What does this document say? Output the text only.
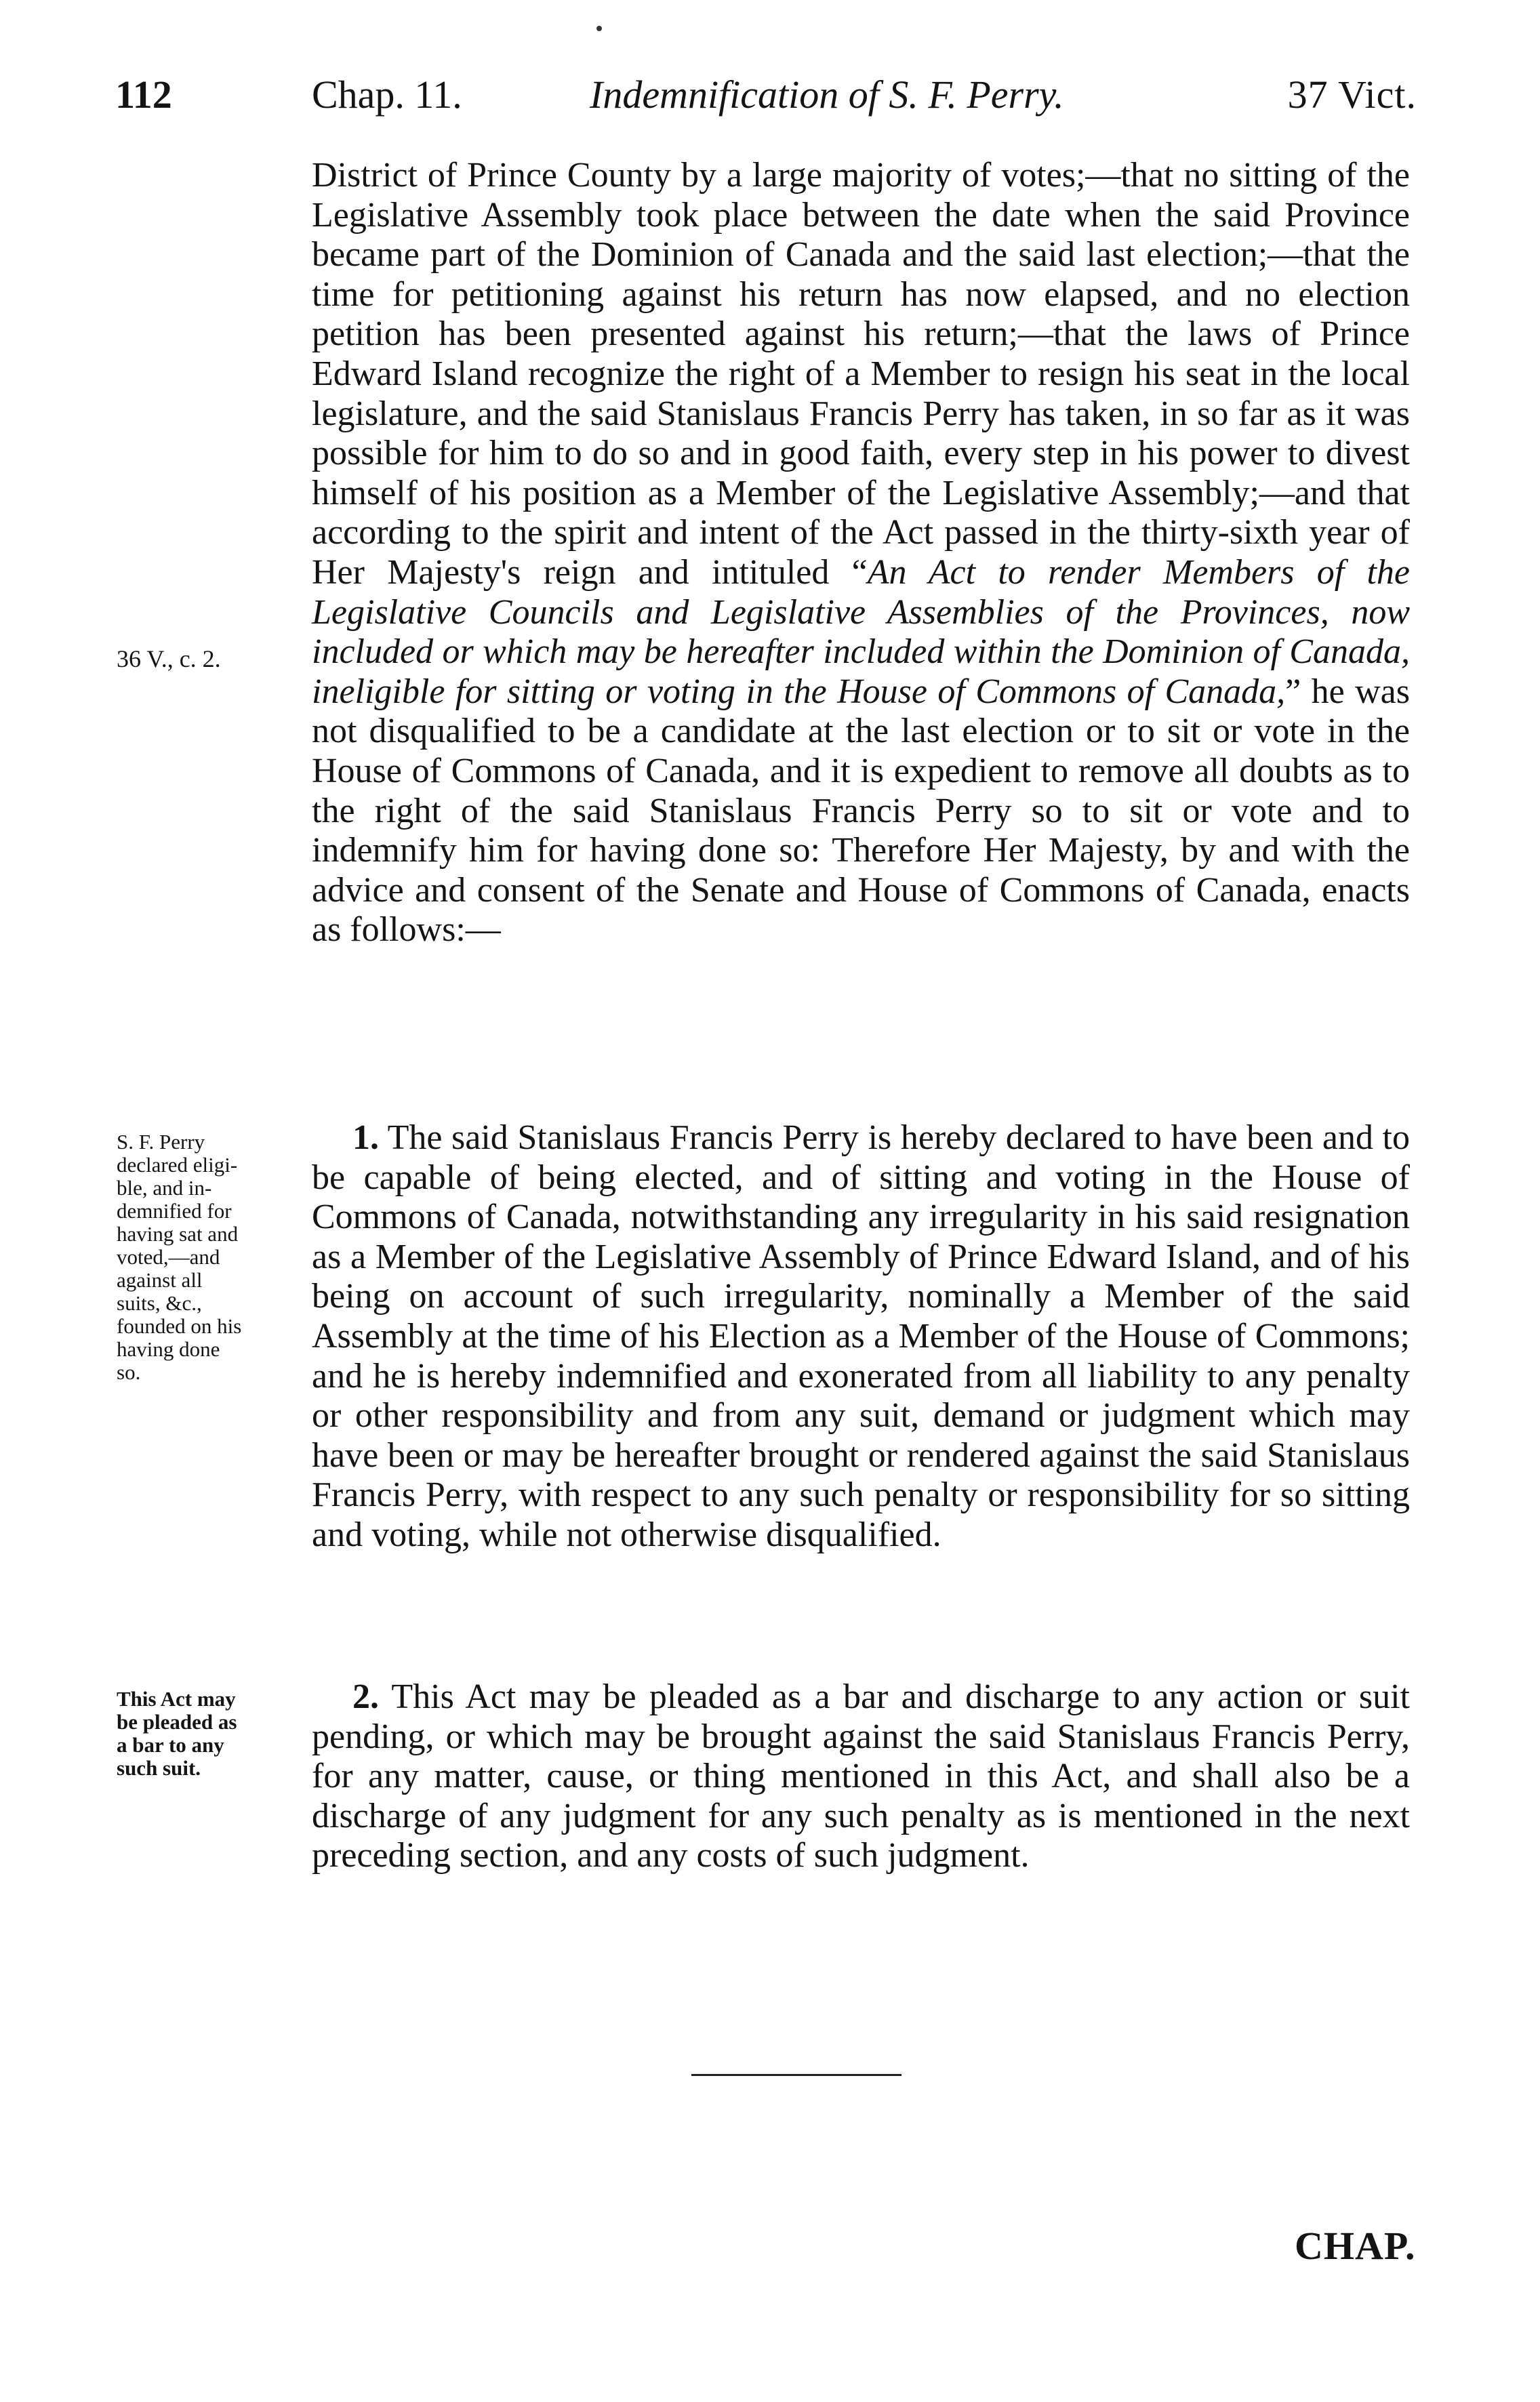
112	Chap. 11.	Indemnification of S. F. Perry.	37 Vict.

District of Prince County by a large majority of votes;—that no sitting of the Legislative Assembly took place between the date when the said Province became part of the Dominion of Canada and the said last election;—that the time for petitioning against his return has now elapsed, and no election petition has been presented against his return;—that the laws of Prince Edward Island recognize the right of a Member to resign his seat in the local legislature, and the said Stanislaus Francis Perry has taken, in so far as it was possible for him to do so and in good faith, every step in his power to divest himself of his position as a Member of the Legislative Assembly;—and that according to the spirit and intent of the Act passed in the thirty-sixth year of Her Majesty's reign and intituled “An Act to render Members of the Legislative Councils and Legislative Assemblies of the Provinces, now included or which may be hereafter included within the Dominion of Canada, ineligible for sitting or voting in the House of Commons of Canada,” he was not disqualified to be a candidate at the last election or to sit or vote in the House of Commons of Canada, and it is expedient to remove all doubts as to the right of the said Stanislaus Francis Perry so to sit or vote and to indemnify him for having done so: Therefore Her Majesty, by and with the advice and consent of the Senate and House of Commons of Canada, enacts as follows:—

36 V., c. 2.

S. F. Perry
declared eligi-
ble, and in-
demnified for
having sat and
voted,—and
against all
suits, &c.,
founded on his
having done
so.

1. The said Stanislaus Francis Perry is hereby declared to have been and to be capable of being elected, and of sitting and voting in the House of Commons of Canada, notwithstanding any irregularity in his said resignation as a Member of the Legislative Assembly of Prince Edward Island, and of his being on account of such irregularity, nominally a Member of the said Assembly at the time of his Election as a Member of the House of Commons; and he is hereby indemnified and exonerated from all liability to any penalty or other responsibility and from any suit, demand or judgment which may have been or may be hereafter brought or rendered against the said Stanislaus Francis Perry, with respect to any such penalty or responsibility for so sitting and voting, while not otherwise disqualified.

This Act may
be pleaded as
a bar to any
such suit.

2. This Act may be pleaded as a bar and discharge to any action or suit pending, or which may be brought against the said Stanislaus Francis Perry, for any matter, cause, or thing mentioned in this Act, and shall also be a discharge of any judgment for any such penalty as is mentioned in the next preceding section, and any costs of such judgment.

CHAP.
